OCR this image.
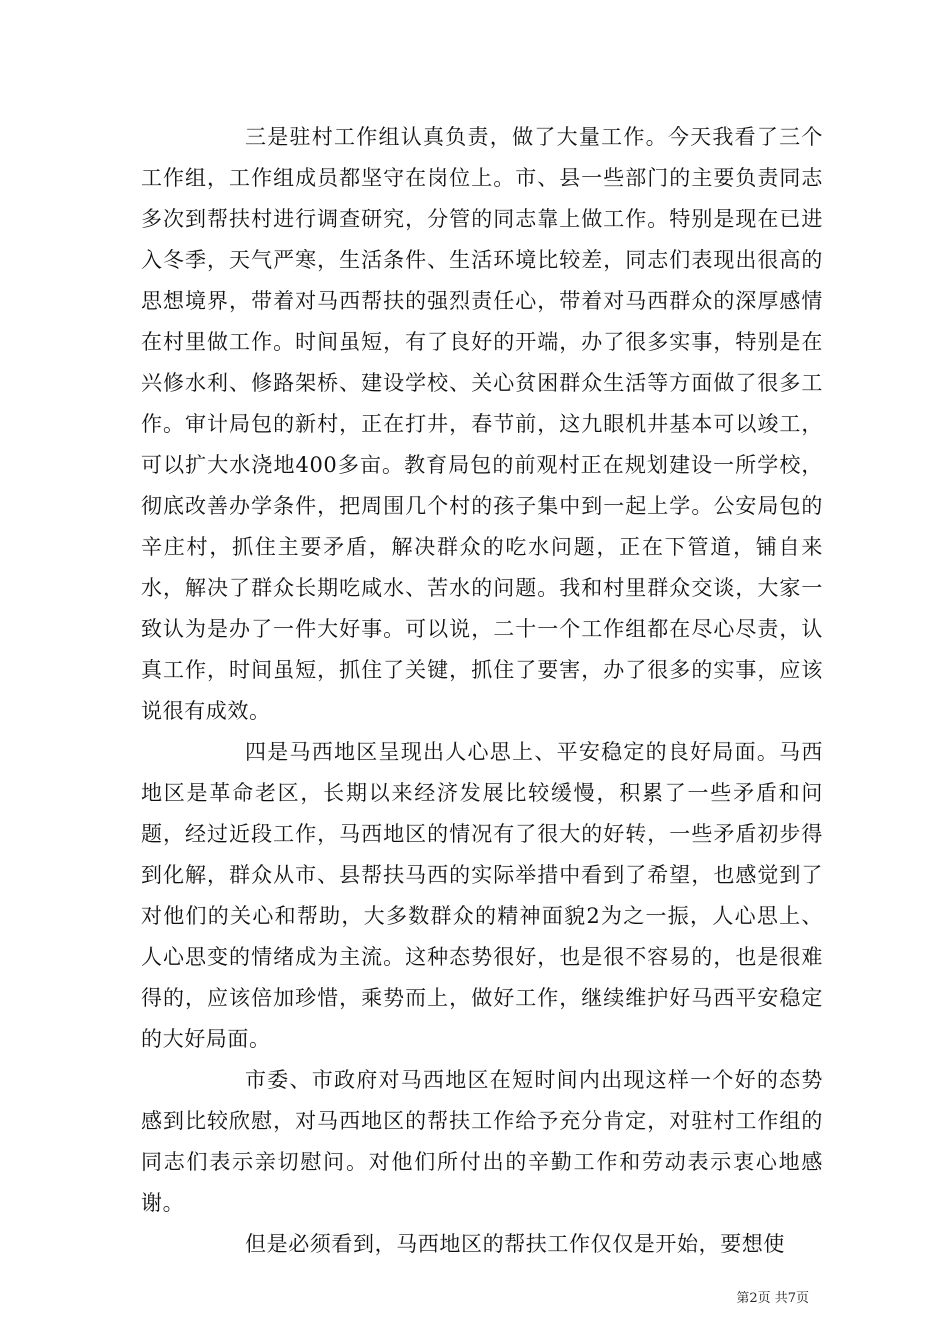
三是驻村工作组认真负责，做了大量工作。今天我看了三个工作组，工作组成员都坚守在岗位上。市、县一些部门的主要负责同志多次到帮扶村进行调查研究，分管的同志靠上做工作。特别是现在已进入冬季，天气严寒，生活条件、生活环境比较差，同志们表现出很高的思想境界，带着对马西帮扶的强烈责任心，带着对马西群众的深厚感情在村里做工作。时间虽短，有了良好的开端，办了很多实事，特别是在兴修水利、修路架桥、建设学校、关心贫困群众生活等方面做了很多工作。审计局包的新村，正在打井，春节前，这九眼机井基本可以竣工，可以扩大水浇地400多亩。教育局包的前观村正在规划建设一所学校，彻底改善办学条件，把周围几个村的孩子集中到一起上学。公安局包的辛庄村，抓住主要矛盾，解决群众的吃水问题，正在下管道，铺自来水，解决了群众长期吃咸水、苦水的问题。我和村里群众交谈，大家一致认为是办了一件大好事。可以说，二十一个工作组都在尽心尽责，认真工作，时间虽短，抓住了关键，抓住了要害，办了很多的实事，应该说很有成效。

四是马西地区呈现出人心思上、平安稳定的良好局面。马西地区是革命老区，长期以来经济发展比较缓慢，积累了一些矛盾和问题，经过近段工作，马西地区的情况有了很大的好转，一些矛盾初步得到化解，群众从市、县帮扶马西的实际举措中看到了希望，也感觉到了对他们的关心和帮助，大多数群众的精神面貌2为之一振，人心思上、人心思变的情绪成为主流。这种态势很好，也是很不容易的，也是很难得的，应该倍加珍惜，乘势而上，做好工作，继续维护好马西平安稳定的大好局面。

市委、市政府对马西地区在短时间内出现这样一个好的态势感到比较欣慰，对马西地区的帮扶工作给予充分肯定，对驻村工作组的同志们表示亲切慰问。对他们所付出的辛勤工作和劳动表示衷心地感谢。

但是必须看到，马西地区的帮扶工作仅仅是开始，要想使

第2页 共7页
